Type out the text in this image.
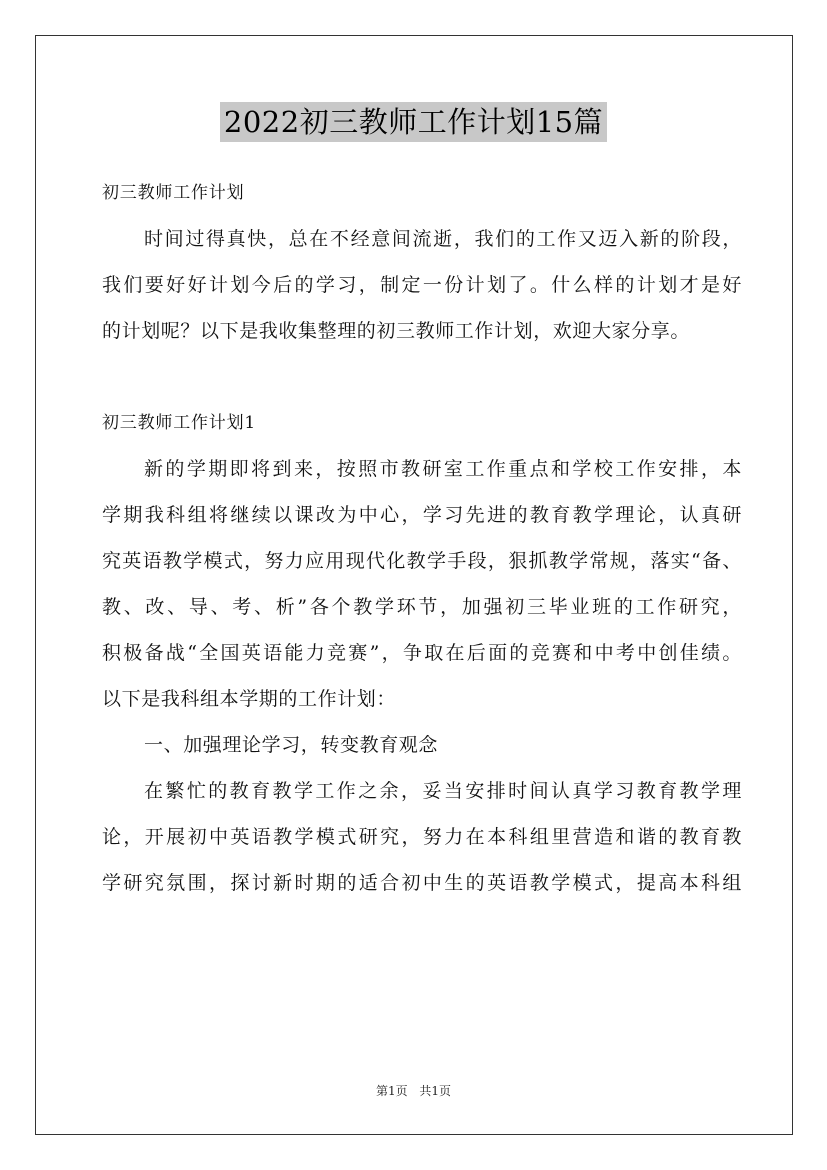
2022初三教师工作计划15篇
初三教师工作计划
时间过得真快，总在不经意间流逝，我们的工作又迈入新的阶段，
我们要好好计划今后的学习，制定一份计划了。什么样的计划才是好
的计划呢？以下是我收集整理的初三教师工作计划，欢迎大家分享。
初三教师工作计划1
新的学期即将到来，按照市教研室工作重点和学校工作安排，本
学期我科组将继续以课改为中心，学习先进的教育教学理论，认真研
究英语教学模式，努力应用现代化教学手段，狠抓教学常规，落实“备、
教、改、导、考、析”各个教学环节，加强初三毕业班的工作研究，
积极备战“全国英语能力竞赛”，争取在后面的竞赛和中考中创佳绩。
以下是我科组本学期的工作计划：
一、加强理论学习，转变教育观念
在繁忙的教育教学工作之余，妥当安排时间认真学习教育教学理
论，开展初中英语教学模式研究，努力在本科组里营造和谐的教育教
学研究氛围，探讨新时期的适合初中生的英语教学模式，提高本科组
第1页 共1页
